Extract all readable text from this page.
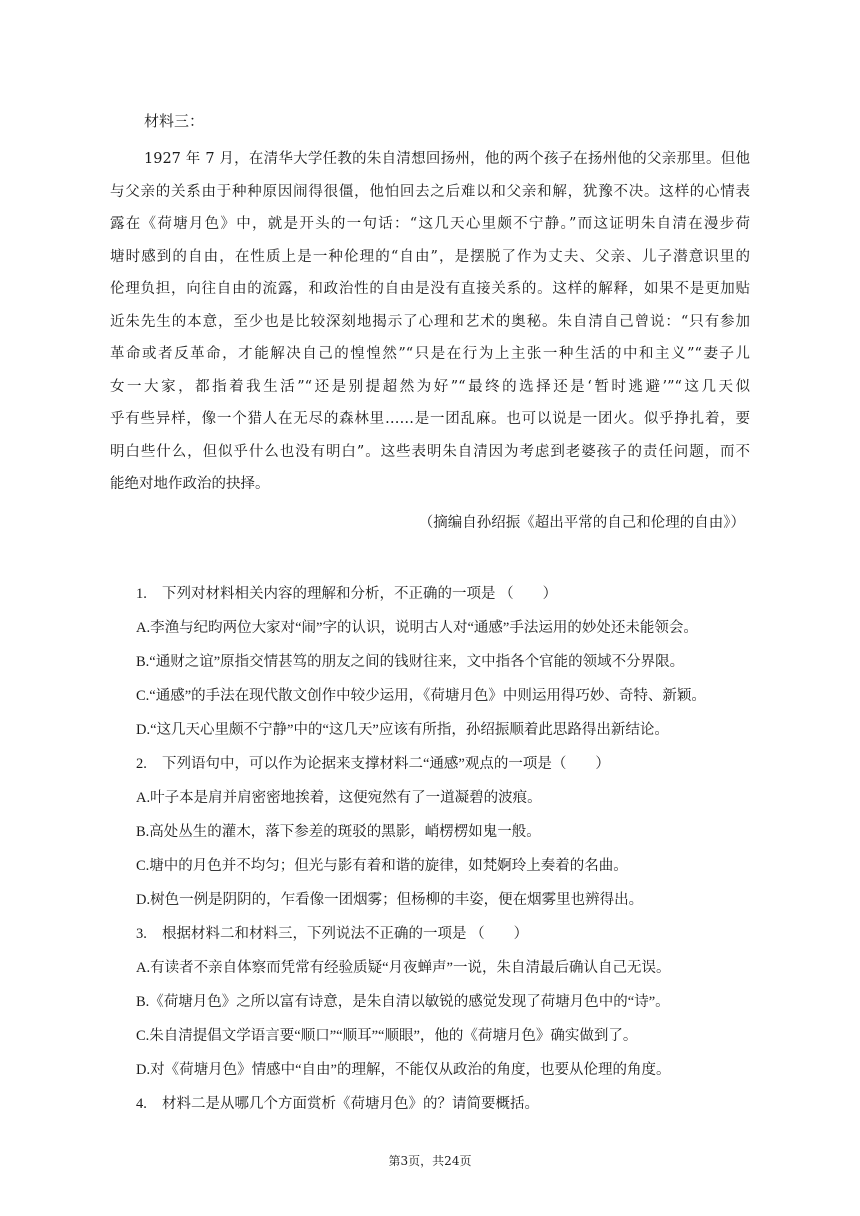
材料三：
1927 年 7 月，在清华大学任教的朱自清想回扬州，他的两个孩子在扬州他的父亲那里。但他
与父亲的关系由于种种原因闹得很僵，他怕回去之后难以和父亲和解，犹豫不决。这样的心情表
露在《荷塘月色》中，就是开头的一句话：“这几天心里颇不宁静。”而这证明朱自清在漫步荷
塘时感到的自由，在性质上是一种伦理的“自由”，是摆脱了作为丈夫、父亲、儿子潜意识里的
伦理负担，向往自由的流露，和政治性的自由是没有直接关系的。这样的解释，如果不是更加贴
近朱先生的本意，至少也是比较深刻地揭示了心理和艺术的奥秘。朱自清自己曾说：“只有参加
革命或者反革命，才能解决自己的惶惶然”“只是在行为上主张一种生活的中和主义”“妻子儿
女一大家，都指着我生活”“还是别提超然为好”“最终的选择还是‘暂时逃避’”“这几天似
乎有些异样，像一个猎人在无尽的森林里……是一团乱麻。也可以说是一团火。似乎挣扎着，要
明白些什么，但似乎什么也没有明白”。这些表明朱自清因为考虑到老婆孩子的责任问题，而不
能绝对地作政治的抉择。
（摘编自孙绍振《超出平常的自己和伦理的自由》）
1. 下列对材料相关内容的理解和分析，不正确的一项是 （　　）
A.李渔与纪昀两位大家对“闹”字的认识，说明古人对“通感”手法运用的妙处还未能领会。
B.“通财之谊”原指交情甚笃的朋友之间的钱财往来，文中指各个官能的领域不分界限。
C.“通感”的手法在现代散文创作中较少运用，《荷塘月色》中则运用得巧妙、奇特、新颖。
D.“这几天心里颇不宁静”中的“这几天”应该有所指，孙绍振顺着此思路得出新结论。
2. 下列语句中，可以作为论据来支撑材料二“通感”观点的一项是（　　）
A.叶子本是肩并肩密密地挨着，这便宛然有了一道凝碧的波痕。
B.高处丛生的灌木，落下参差的斑驳的黑影，峭楞楞如鬼一般。
C.塘中的月色并不均匀；但光与影有着和谐的旋律，如梵婀玲上奏着的名曲。
D.树色一例是阴阴的，乍看像一团烟雾；但杨柳的丰姿，便在烟雾里也辨得出。
3. 根据材料二和材料三，下列说法不正确的一项是 （　　）
A.有读者不亲自体察而凭常有经验质疑“月夜蝉声”一说，朱自清最后确认自己无误。
B.《荷塘月色》之所以富有诗意，是朱自清以敏锐的感觉发现了荷塘月色中的“诗”。
C.朱自清提倡文学语言要“顺口”“顺耳”“顺眼”，他的《荷塘月色》确实做到了。
D.对《荷塘月色》情感中“自由”的理解，不能仅从政治的角度，也要从伦理的角度。
4. 材料二是从哪几个方面赏析《荷塘月色》的？请简要概括。
第3页，共24页
